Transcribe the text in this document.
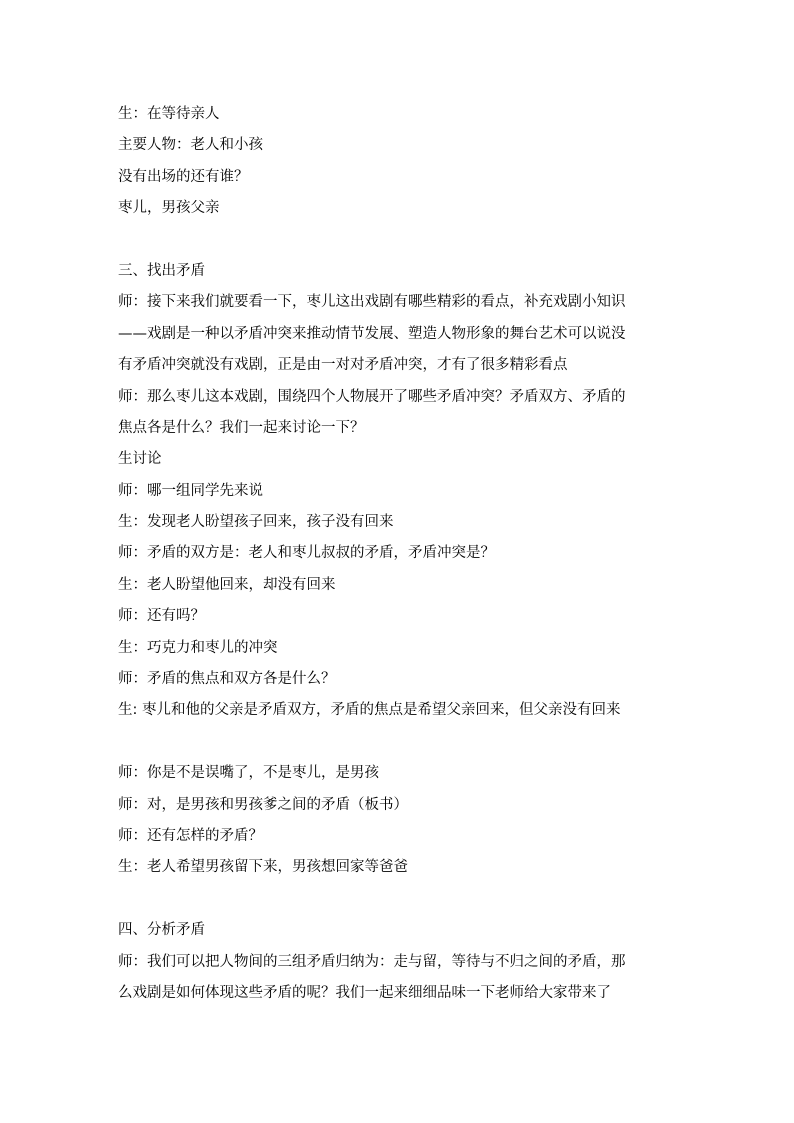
生：在等待亲人
主要人物：老人和小孩
没有出场的还有谁？
枣儿，男孩父亲
三、找出矛盾
师：接下来我们就要看一下，枣儿这出戏剧有哪些精彩的看点，补充戏剧小知识
——戏剧是一种以矛盾冲突来推动情节发展、塑造人物形象的舞台艺术可以说没
有矛盾冲突就没有戏剧，正是由一对对矛盾冲突，才有了很多精彩看点
师：那么枣儿这本戏剧，围绕四个人物展开了哪些矛盾冲突？矛盾双方、矛盾的
焦点各是什么？我们一起来讨论一下？
生讨论
师：哪一组同学先来说
生：发现老人盼望孩子回来，孩子没有回来
师：矛盾的双方是：老人和枣儿叔叔的矛盾，矛盾冲突是？
生：老人盼望他回来，却没有回来
师：还有吗？
生：巧克力和枣儿的冲突
师：矛盾的焦点和双方各是什么？
生: 枣儿和他的父亲是矛盾双方，矛盾的焦点是希望父亲回来，但父亲没有回来
师：你是不是误嘴了，不是枣儿，是男孩
师：对，是男孩和男孩爹之间的矛盾（板书）
师：还有怎样的矛盾？
生：老人希望男孩留下来，男孩想回家等爸爸
四、分析矛盾
师：我们可以把人物间的三组矛盾归纳为：走与留，等待与不归之间的矛盾，那
么戏剧是如何体现这些矛盾的呢？我们一起来细细品味一下老师给大家带来了
